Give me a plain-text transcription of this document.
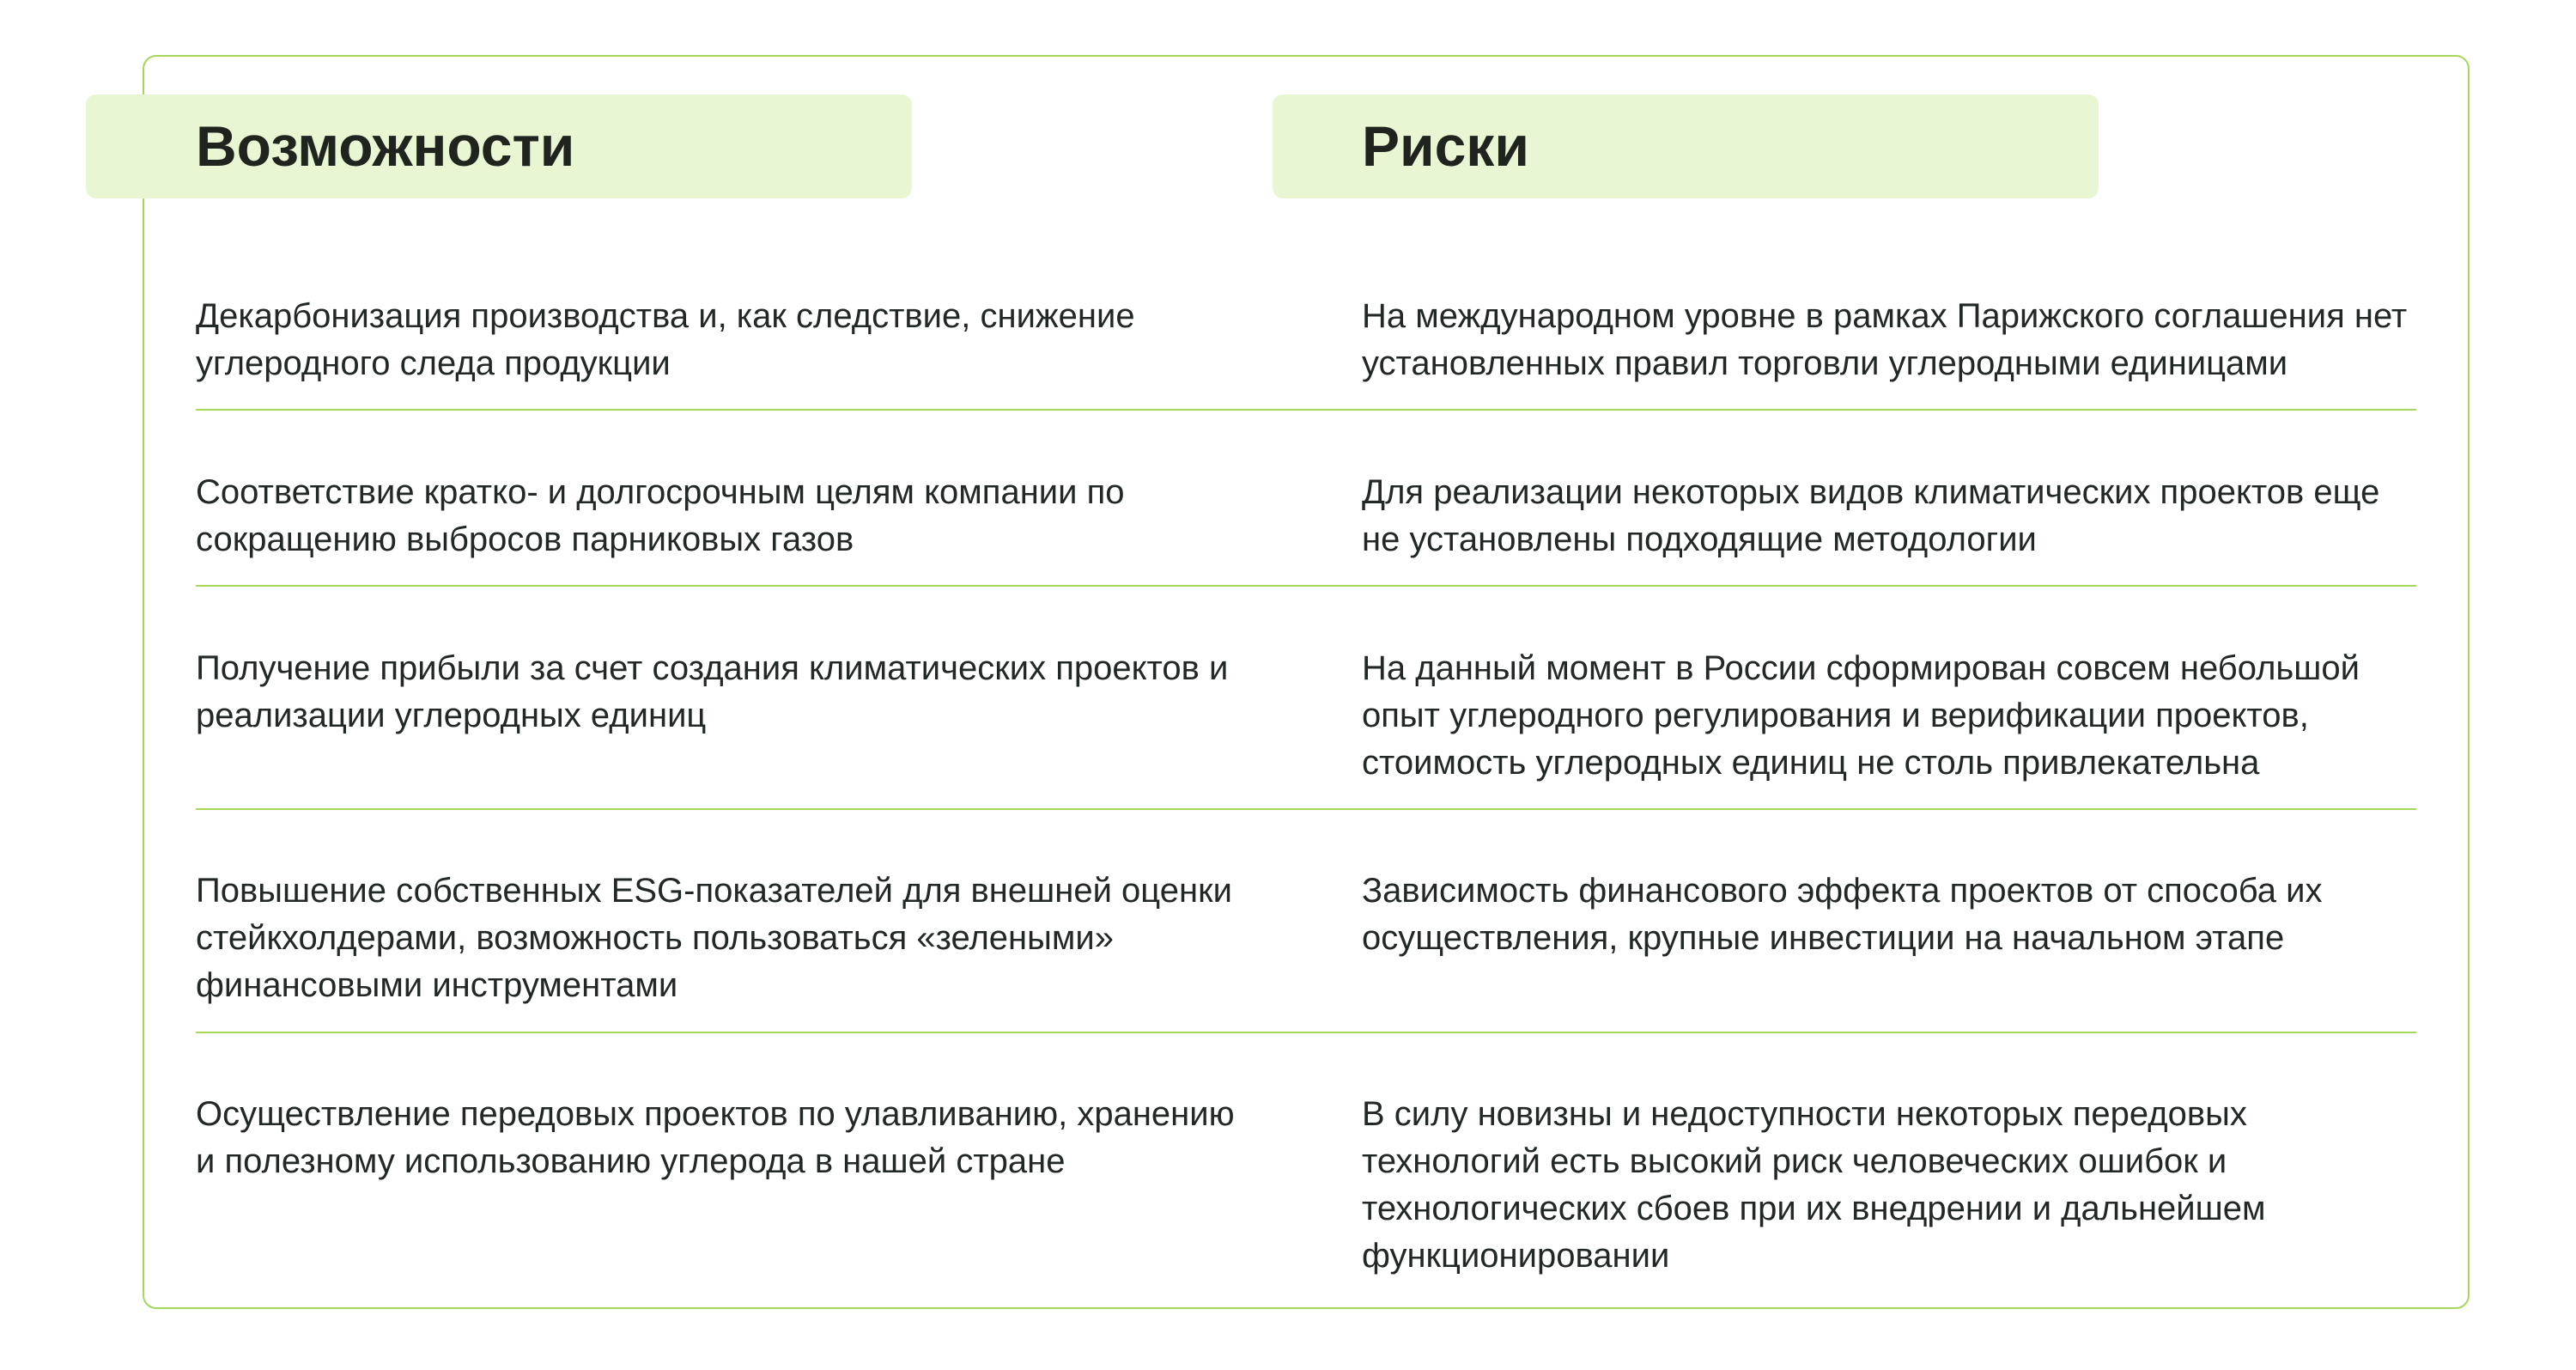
Возможности	Риски
Декарбонизация производства и, как следствие, снижение углеродного следа продукции
На международном уровне в рамках Парижского соглашения нет установленных правил торговли углеродными единицами
Соответствие кратко- и долгосрочным целям компании по сокращению выбросов парниковых газов
Для реализации некоторых видов климатических проектов еще не установлены подходящие методологии
Получение прибыли за счет создания климатических проектов и реализации углеродных единиц
На данный момент в России сформирован совсем небольшой опыт углеродного регулирования и верификации проектов, стоимость углеродных единиц не столь привлекательна
Повышение собственных ESG-показателей для внешней оценки стейкхолдерами, возможность пользоваться «зелеными» финансовыми инструментами
Зависимость финансового эффекта проектов от способа их осуществления, крупные инвестиции на начальном этапе
Осуществление передовых проектов по улавливанию, хранению и полезному использованию углерода в нашей стране
В силу новизны и недоступности некоторых передовых технологий есть высокий риск человеческих ошибок и технологических сбоев при их внедрении и дальнейшем функционировании
